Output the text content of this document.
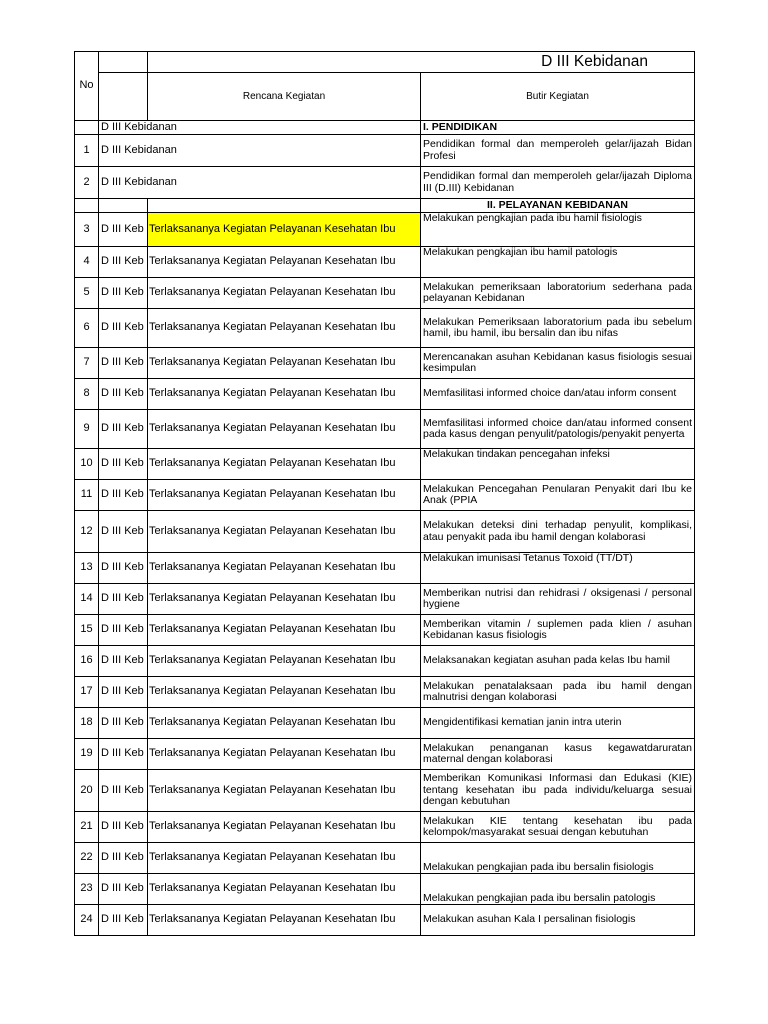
No		D III Kebidanan	
		Rencana Kegiatan	Butir Kegiatan
	D III Kebidanan		I. PENDIDIKAN
1	D III Kebidanan		Pendidikan formal dan memperoleh gelar/ijazah Bidan Profesi
2	D III Kebidanan		Pendidikan formal dan memperoleh gelar/ijazah Diploma III (D.III) Kebidanan
			II. PELAYANAN KEBIDANAN
3	D III Keb	Terlaksananya Kegiatan Pelayanan Kesehatan Ibu	Melakukan pengkajian pada ibu hamil fisiologis
4	D III Keb	Terlaksananya Kegiatan Pelayanan Kesehatan Ibu	Melakukan pengkajian ibu hamil patologis
5	D III Keb	Terlaksananya Kegiatan Pelayanan Kesehatan Ibu	Melakukan pemeriksaan laboratorium sederhana pada pelayanan Kebidanan
6	D III Keb	Terlaksananya Kegiatan Pelayanan Kesehatan Ibu	Melakukan Pemeriksaan laboratorium pada ibu sebelum hamil, ibu hamil, ibu bersalin dan ibu nifas
7	D III Keb	Terlaksananya Kegiatan Pelayanan Kesehatan Ibu	Merencanakan asuhan Kebidanan kasus fisiologis sesuai kesimpulan
8	D III Keb	Terlaksananya Kegiatan Pelayanan Kesehatan Ibu	Memfasilitasi informed choice dan/atau inform consent
9	D III Keb	Terlaksananya Kegiatan Pelayanan Kesehatan Ibu	Memfasilitasi informed choice dan/atau informed consent pada kasus dengan penyulit/patologis/penyakit penyerta
10	D III Keb	Terlaksananya Kegiatan Pelayanan Kesehatan Ibu	Melakukan tindakan pencegahan infeksi
11	D III Keb	Terlaksananya Kegiatan Pelayanan Kesehatan Ibu	Melakukan Pencegahan Penularan Penyakit dari Ibu ke Anak (PPIA
12	D III Keb	Terlaksananya Kegiatan Pelayanan Kesehatan Ibu	Melakukan deteksi dini terhadap penyulit, komplikasi, atau penyakit pada ibu hamil dengan kolaborasi
13	D III Keb	Terlaksananya Kegiatan Pelayanan Kesehatan Ibu	Melakukan imunisasi Tetanus Toxoid (TT/DT)
14	D III Keb	Terlaksananya Kegiatan Pelayanan Kesehatan Ibu	Memberikan nutrisi dan rehidrasi / oksigenasi / personal hygiene
15	D III Keb	Terlaksananya Kegiatan Pelayanan Kesehatan Ibu	Memberikan vitamin / suplemen pada klien / asuhan Kebidanan kasus fisiologis
16	D III Keb	Terlaksananya Kegiatan Pelayanan Kesehatan Ibu	Melaksanakan kegiatan asuhan pada kelas Ibu hamil
17	D III Keb	Terlaksananya Kegiatan Pelayanan Kesehatan Ibu	Melakukan penatalaksaan pada ibu hamil dengan malnutrisi dengan kolaborasi
18	D III Keb	Terlaksananya Kegiatan Pelayanan Kesehatan Ibu	Mengidentifikasi kematian janin intra uterin
19	D III Keb	Terlaksananya Kegiatan Pelayanan Kesehatan Ibu	Melakukan penanganan kasus kegawatdaruratan maternal dengan kolaborasi
20	D III Keb	Terlaksananya Kegiatan Pelayanan Kesehatan Ibu	Memberikan Komunikasi Informasi dan Edukasi (KIE) tentang kesehatan ibu pada individu/keluarga sesuai dengan kebutuhan
21	D III Keb	Terlaksananya Kegiatan Pelayanan Kesehatan Ibu	Melakukan KIE tentang kesehatan ibu pada kelompok/masyarakat sesuai dengan kebutuhan
22	D III Keb	Terlaksananya Kegiatan Pelayanan Kesehatan Ibu	Melakukan pengkajian pada ibu bersalin fisiologis
23	D III Keb	Terlaksananya Kegiatan Pelayanan Kesehatan Ibu	Melakukan pengkajian pada ibu bersalin patologis
24	D III Keb	Terlaksananya Kegiatan Pelayanan Kesehatan Ibu	Melakukan asuhan Kala I persalinan fisiologis
